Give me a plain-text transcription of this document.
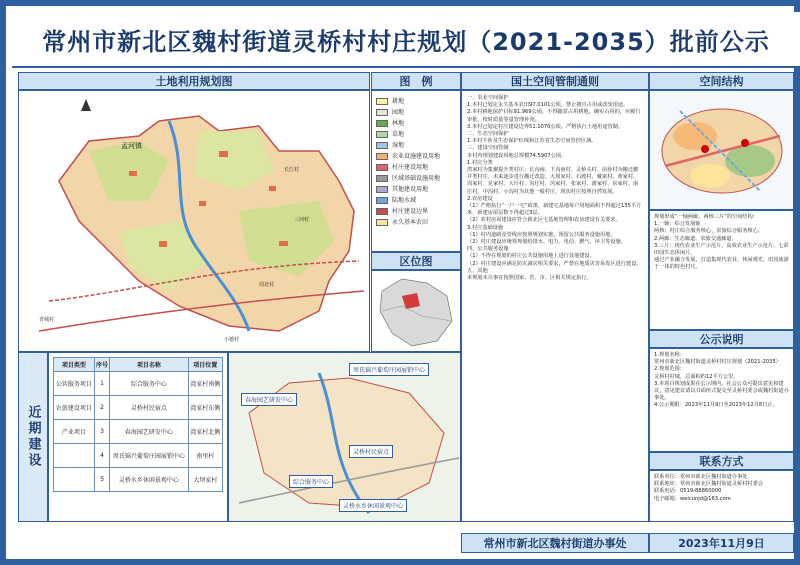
常州市新北区魏村街道灵桥村村庄规划（2021-2035）批前公示
土地利用规划图	图　例	国土空间管制通则	空间结构
孟河镇
长江村
青城村
周北村
小德村
三河村
耕地
园地
林地
草地
湿地
农业设施建设用地
村庄建设用地
区域基础设施用地
其他建设用地
陆地水域
村庄建设边界
永久基本农田
区位图
一、农业空间保护
1.本村已划定永久基本农田97.0101公顷，禁止擅自占用或改变用途。
2.本村耕地保护目标91.969公顷，不得随意占用耕地，确实占用的，应履行审批，按时质量等量管理补充。
3.本村已划定村庄建设边界51.1070公顷。严格执行土地用途管制。
二、生态空间保护
1.本村不涉及生态保护红线和江苏省生态空间管控区域。
三、建设空间管制
本村内规划建设用地总规模74.5907公顷。
1.村庄分类
湾家村为集聚提升类村庄；长沟南、下沟南村、灵桥头村、前孙村为搬迁撤并类村庄，未来逐步进行搬迁改造。大坝家村、石渡村、戴家村、黄家村、周家村、晃家村、大圩村、沟圩村、芮家村、张家村、渡家村、东家村、南庄村、中沟村、小沟村为其他一般村庄，现状村庄按照自然发展。
2.农房建设
（1）严格执行“一户一宅”政策，新建宅基地每户用地面积不得超过135平方米，新建房屋层数不得超过3层。
（2）农村房屋建设应符合新北区宅基地管理和农房建设有关要求。
3.村庄基础设施
（1）村内道路及管线应按照规划实施，预留公共服务设施用地。
（2）村庄建设应统筹规划给排水、电力、电信、燃气、环卫等设施。
四、公共服务设施
（1）不得在规划的村庄公共设施用地上进行其他建设。
（2）村庄建设应满足防灾减灾相关要求，严禁在地质灾害易发区进行建设。
五、其他
本规划未尽事宜按照国家、省、市、区相关规定执行。
规划形成“一轴两廊、两核三片”的空间结构：
1.一轴：综合发展轴
两核：村庄综合服务核心、农旅综合服务核心。
2.两廊：生态廊道、农旅交通廊道。
3.三片：现代农业生产示范片、高效农业生产示范片、七彩田园生态休闲片。
通过产业融合发展，打造集现代农业、休闲观光、田园旅游于一体的特色村庄。
公示说明
1.规划名称：
常州市新北区魏村街道灵桥村村庄规划（2021-2035）
2.规划范围：
灵桥村村域，总面积约12平方公里。
3.本项目规划成果在公示期内，社会公众可提出意见和建议。意见建议请以书面形式提交至灵桥村委会或魏村街道办事处。
4.公示期限：2023年11月9日至2023年12月8日止。
联系方式
联系单位：常州市新北区魏村街道办事处
联系地址：常州市新北区魏村街道灵桥村村委会
联系电话：0519-88860000
电子邮箱：weicunjd@163.com
近期建设
项目类型	序号	项目名称	项目位置
公共服务项目	1	综合服务中心	湾家村南侧
农旅建设项目	2	灵桥村民宿点	湾家村东侧
产业项目	3	春海园艺研发中心	湾家村北侧
	4	周氏锦兴葡萄庄园展销中心	南里村
	5	灵桥水乡休闲景观中心	大坝家村
周氏锦兴葡萄庄园展销中心
春海园艺研发中心
灵桥村民宿点
综合服务中心
灵桥水乡休闲景观中心
常州市新北区魏村街道办事处	2023年11月9日
